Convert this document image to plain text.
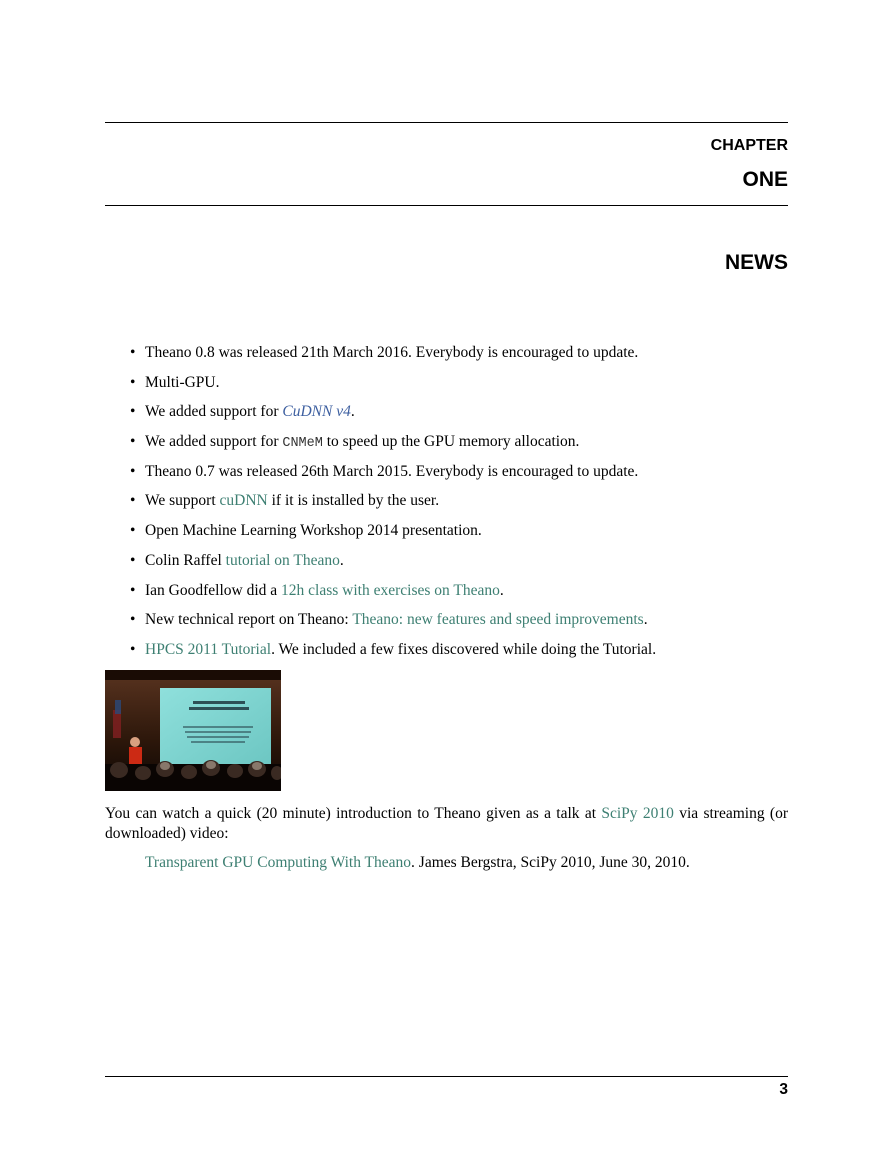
CHAPTER
ONE
NEWS
• Theano 0.8 was released 21th March 2016. Everybody is encouraged to update.
• Multi-GPU.
• We added support for CuDNN v4.
• We added support for CNMeM to speed up the GPU memory allocation.
• Theano 0.7 was released 26th March 2015. Everybody is encouraged to update.
• We support cuDNN if it is installed by the user.
• Open Machine Learning Workshop 2014 presentation.
• Colin Raffel tutorial on Theano.
• Ian Goodfellow did a 12h class with exercises on Theano.
• New technical report on Theano: Theano: new features and speed improvements.
• HPCS 2011 Tutorial. We included a few fixes discovered while doing the Tutorial.
You can watch a quick (20 minute) introduction to Theano given as a talk at SciPy 2010 via streaming (or downloaded) video:
Transparent GPU Computing With Theano. James Bergstra, SciPy 2010, June 30, 2010.
3
